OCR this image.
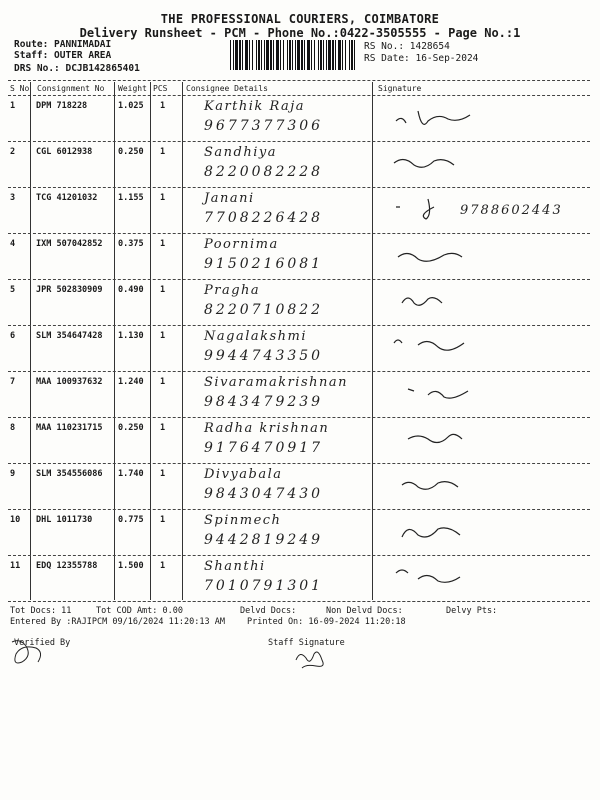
THE PROFESSIONAL COURIERS, COIMBATORE
Delivery Runsheet - PCM - Phone No.:0422-3505555 - Page No.:1
Route: PANNIMADAI
Staff: OUTER AREA
DRS No.: DCJB142865401
RS No.: 1428654
RS Date: 16-Sep-2024
S No Consignment No Weight PCS Consignee Details	Signature
1 DPM 718228	1.025 1	Karthik Raja
9677377306
2 CGL 6012938	0.250 1	Sandhiya
8220082228
3 TCG 41201032 1.155 1	Janani
7708226428	9788602443
4 IXM 507042852 0.375 1	Poornima
9150216081
5 JPR 502830909 0.490 1	Pragha
8220710822
6 SLM 354647428 1.130 1	Nagalakshmi
9944743350
7 MAA 100937632 1.240 1	Sivaramakrishnan
9843479239
8 MAA 110231715 0.250 1	Radha krishnan
9176470917
9 SLM 354556086 1.740 1	Divyabala
9843047430
10 DHL 1011730	0.775 1	Spinmech
9442819249
11 EDQ 12355788 1.500 1	Shanthi
7010791301
Tot Docs: 11	Tot COD Amt: 0.00	Delvd Docs:	Non Delvd Docs:	Delvy Pts:
Entered By :RAJIPCM 09/16/2024 11:20:13 AM	Printed On: 16-09-2024 11:20:18
Verified By	Staff Signature
